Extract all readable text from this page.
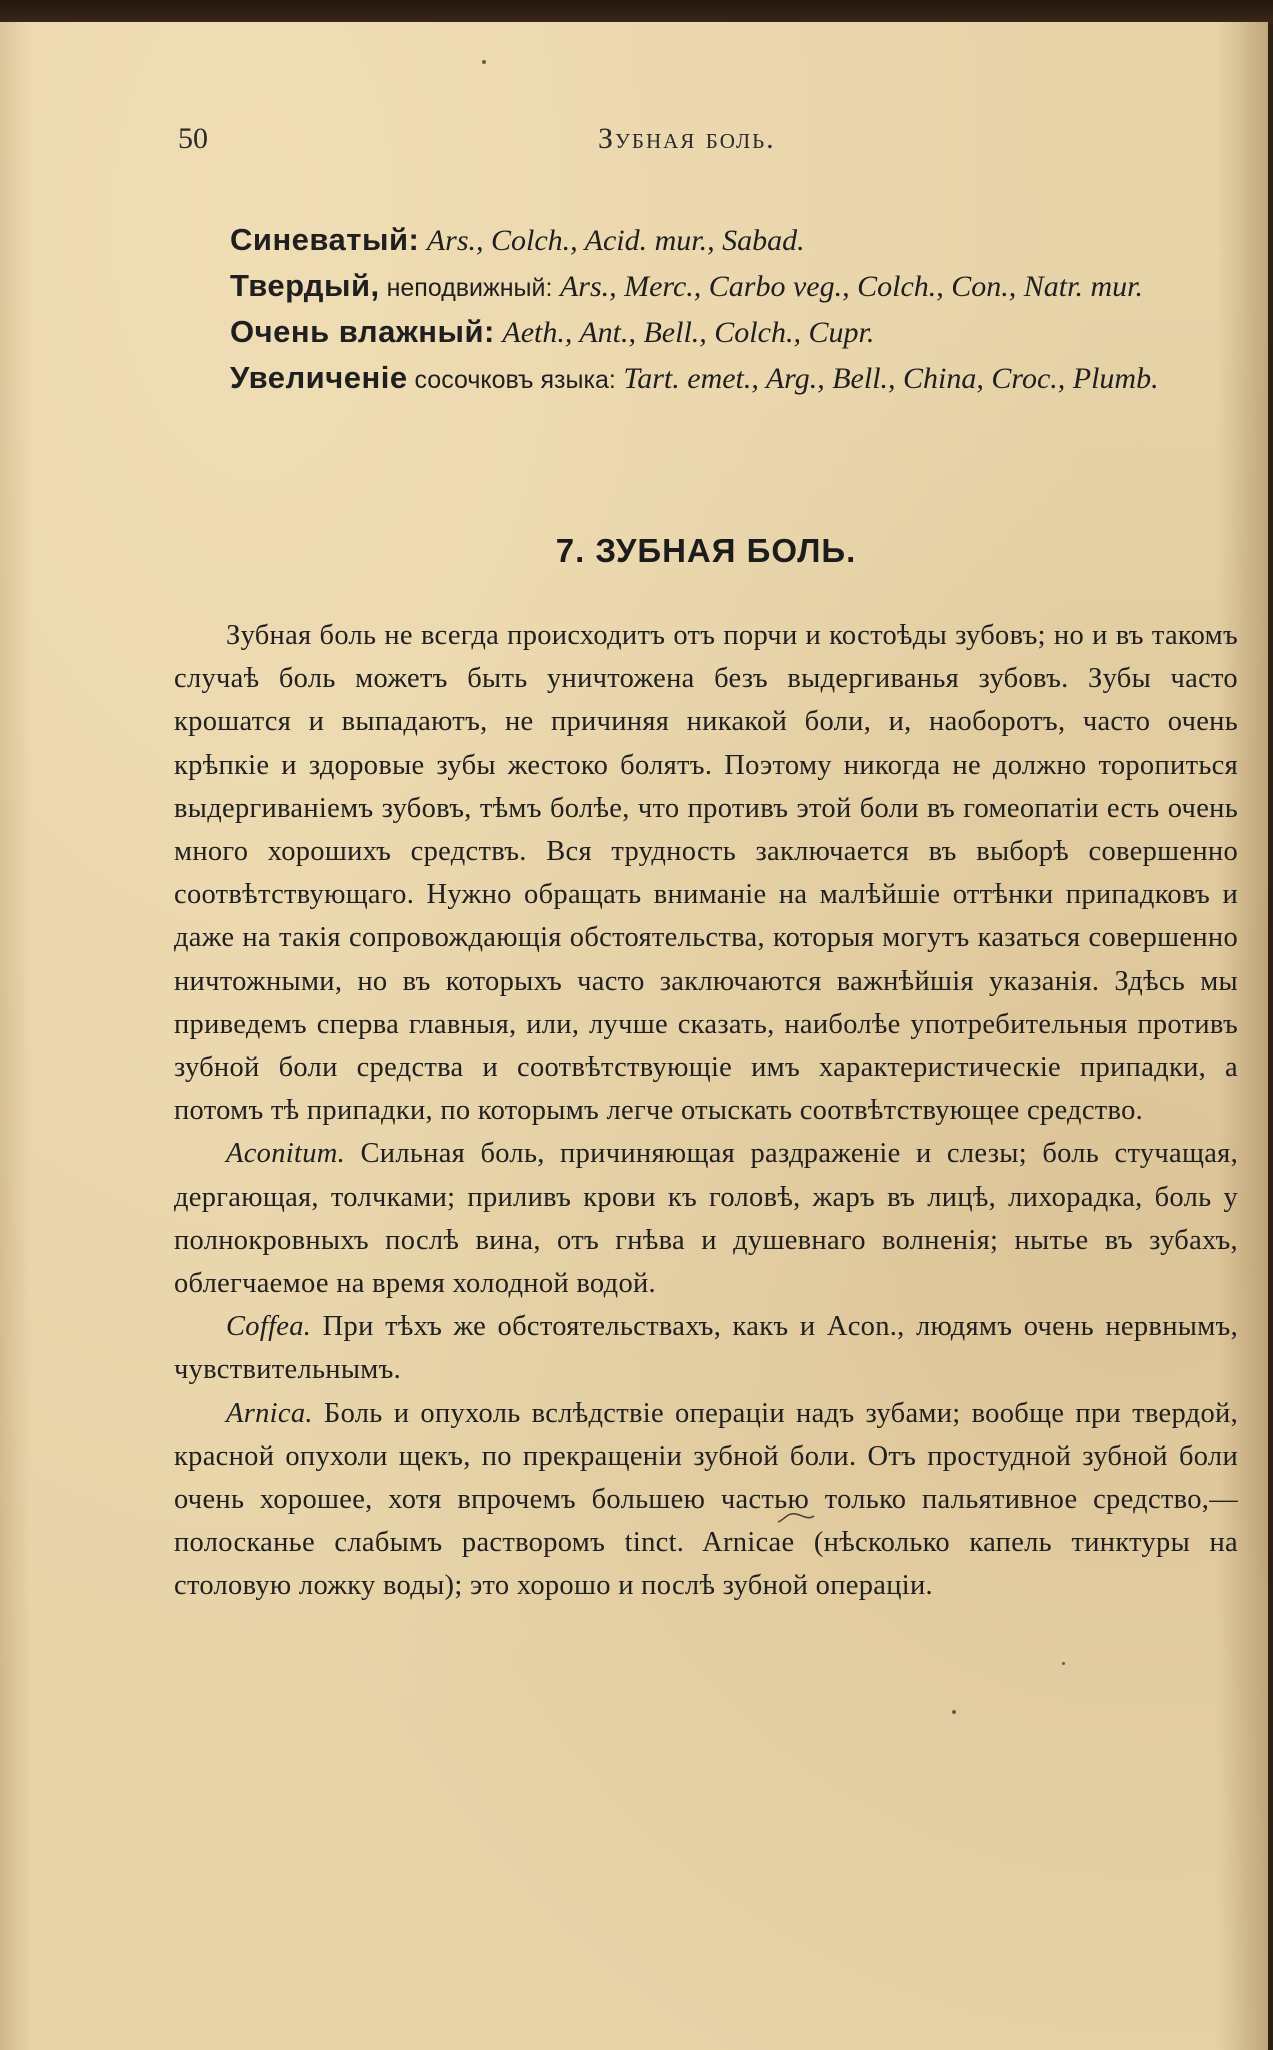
50	Зубная боль.

Синеватый: Ars., Colch., Acid. mur., Sabad.

Твердый, неподвижный: Ars., Merc., Carbo veg., Colch., Con., Natr. mur.

Очень влажный: Aeth., Ant., Bell., Colch., Cupr.

Увеличеніе сосочковъ языка: Tart. emet., Arg., Bell., China, Croc., Plumb.

7. ЗУБНАЯ БОЛЬ.

Зубная боль не всегда происходитъ отъ порчи и костоѣды зубовъ; но и въ такомъ случаѣ боль можетъ быть уничтожена безъ выдергиванья зубовъ. Зубы часто крошатся и выпадаютъ, не причиняя никакой боли, и, наоборотъ, часто очень крѣпкіе и здоровые зубы жестоко болятъ. Поэтому никогда не должно торопиться выдергиваніемъ зубовъ, тѣмъ болѣе, что противъ этой боли въ гомеопатіи есть очень много хорошихъ средствъ. Вся трудность заключается въ выборѣ совершенно соотвѣтствующаго. Нужно обращать вниманіе на малѣйшіе оттѣнки припадковъ и даже на такія сопровождающія обстоятельства, которыя могутъ казаться совершенно ничтожными, но въ которыхъ часто заключаются важнѣйшія указанія. Здѣсь мы приведемъ сперва главныя, или, лучше сказать, наиболѣе употребительныя противъ зубной боли средства и соотвѣтствующіе имъ характеристическіе припадки, а потомъ тѣ припадки, по которымъ легче отыскать соотвѣтствующее средство.

Aconitum. Сильная боль, причиняющая раздраженіе и слезы; боль стучащая, дергающая, толчками; приливъ крови къ головѣ, жаръ въ лицѣ, лихорадка, боль у полнокровныхъ послѣ вина, отъ гнѣва и душевнаго волненія; нытье въ зубахъ, облегчаемое на время холодной водой.

Coffea. При тѣхъ же обстоятельствахъ, какъ и Acon., людямъ очень нервнымъ, чувствительнымъ.

Arnica. Боль и опухоль вслѣдствіе операціи надъ зубами; вообще при твердой, красной опухоли щекъ, по прекращеніи зубной боли. Отъ простудной зубной боли очень хорошее, хотя впрочемъ большею частью только пальятивное средство,—полосканье слабымъ растворомъ tinct. Arnicae (нѣсколько капель тинктуры на столовую ложку воды); это хорошо и послѣ зубной операціи.
